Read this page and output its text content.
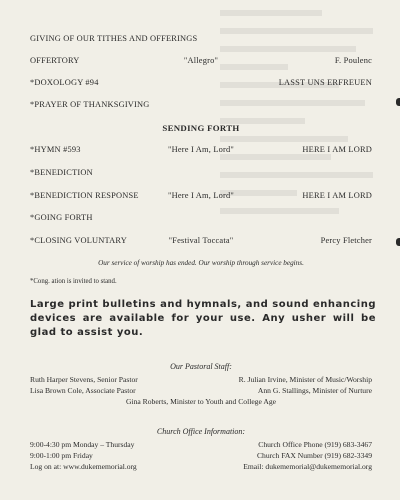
GIVING OF OUR TITHES AND OFFERINGS
OFFERTORY	"Allegro"	F. Poulenc
*DOXOLOGY #94	LASST UNS ERFREUEN
*PRAYER OF THANKSGIVING
SENDING FORTH
*HYMN #593	"Here I Am, Lord"	HERE I AM LORD
*BENEDICTION
*BENEDICTION RESPONSE	"Here I Am, Lord"	HERE I AM LORD
*GOING FORTH
*CLOSING VOLUNTARY	"Festival Toccata"	Percy Fletcher
Our service of worship has ended. Our worship through service begins.
*Cong. ation is invited to stand.
Large print bulletins and hymnals, and sound enhancing devices are available for your use. Any usher will be glad to assist you.
Our Pastoral Staff:
Ruth Harper Stevens, Senior Pastor	R. Julian Irvine, Minister of Music/Worship
Lisa Brown Cole, Associate Pastor	Ann G. Stallings, Minister of Nurture
Gina Roberts, Minister to Youth and College Age
Church Office Information:
9:00-4:30 pm Monday – Thursday	Church Office Phone (919) 683-3467
9:00-1:00 pm Friday	Church FAX Number (919) 682-3349
Log on at: www.dukememorial.org	Email: dukememorial@dukememorial.org
